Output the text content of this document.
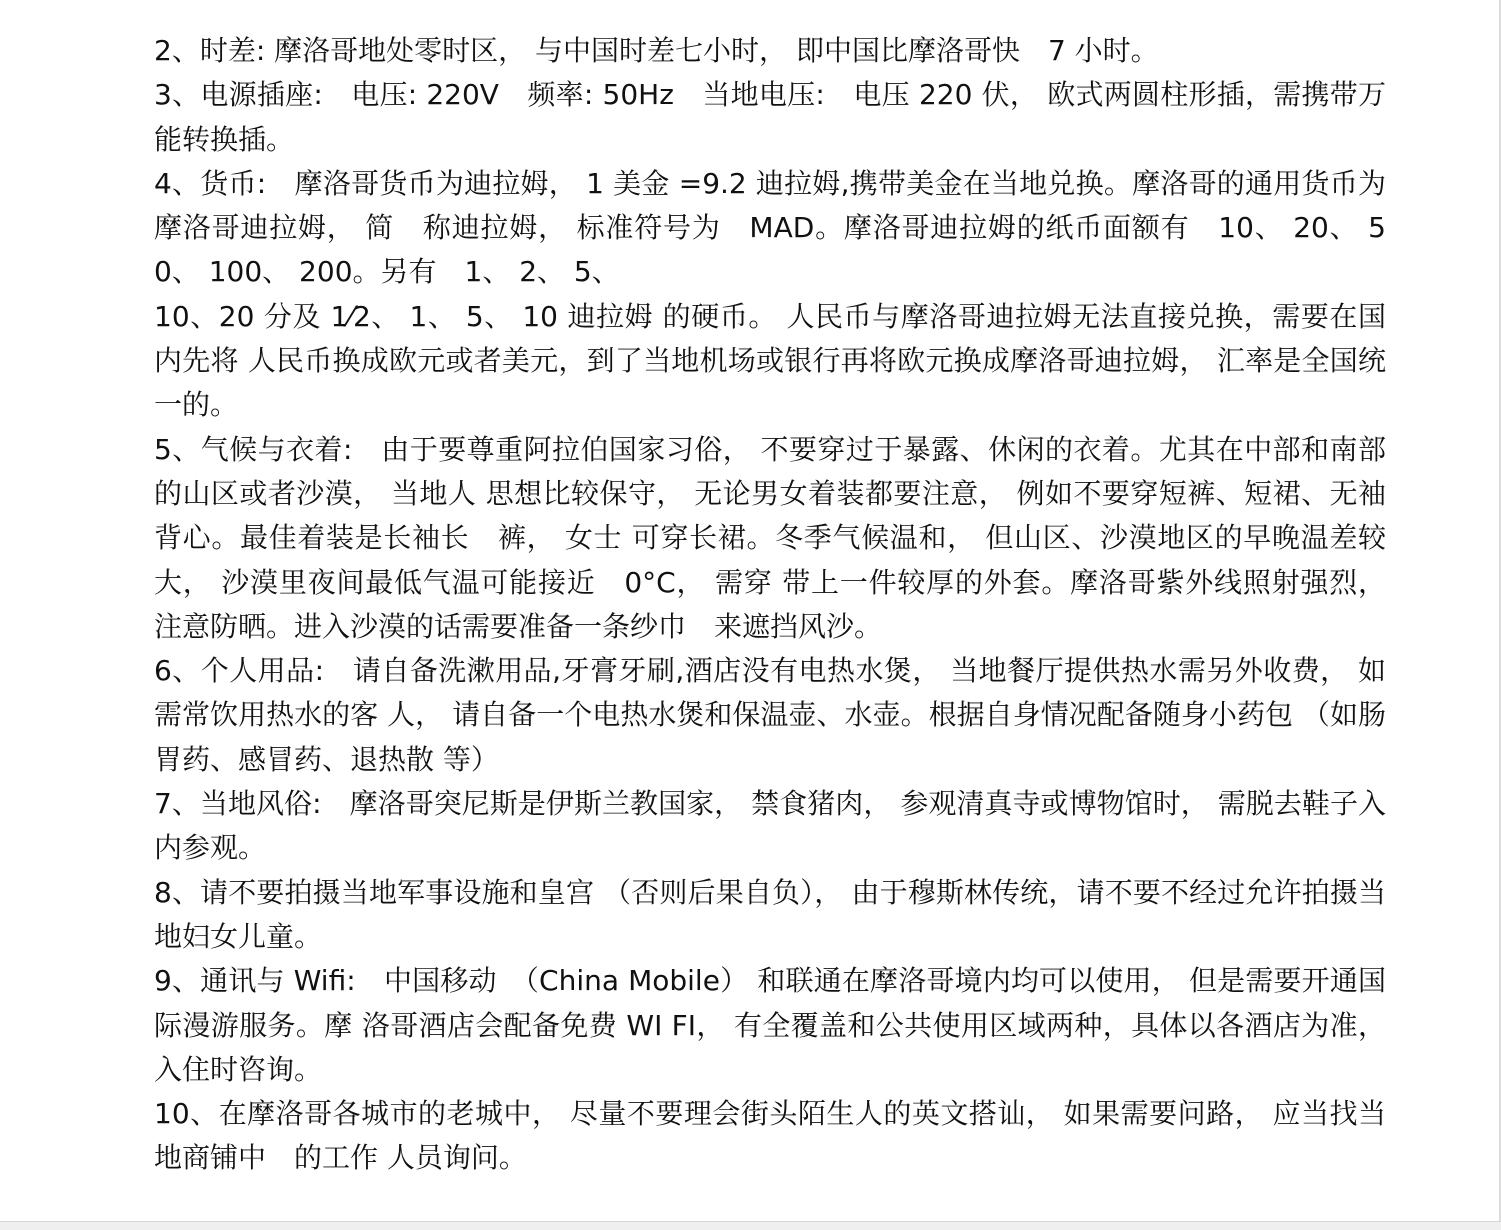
2、时差: 摩洛哥地处零时区， 与中国时差七小时， 即中国比摩洛哥快　7 小时。

3、电源插座:　电压: 220V　频率: 50Hz　当地电压:　电压 220 伏， 欧式两圆柱形插，需携带万能转换插。

4、货币:　摩洛哥货币为迪拉姆， 1 美金 =9.2 迪拉姆,携带美金在当地兑换。摩洛哥的通用货币为摩洛哥迪拉姆， 简　称迪拉姆， 标准符号为　MAD。摩洛哥迪拉姆的纸币面额有　10、 20、 50、 100、 200。另有　1、 2、 5、

10、20 分及 1⁄2、 1、 5、 10 迪拉姆 的硬币。 人民币与摩洛哥迪拉姆无法直接兑换，需要在国内先将 人民币换成欧元或者美元，到了当地机场或银行再将欧元换成摩洛哥迪拉姆， 汇率是全国统一的。

5、气候与衣着:　由于要尊重阿拉伯国家习俗， 不要穿过于暴露、休闲的衣着。尤其在中部和南部的山区或者沙漠， 当地人 思想比较保守， 无论男女着装都要注意， 例如不要穿短裤、短裙、无袖背心。最佳着装是长袖长　裤， 女士 可穿长裙。冬季气候温和， 但山区、沙漠地区的早晚温差较大， 沙漠里夜间最低气温可能接近　0°C， 需穿 带上一件较厚的外套。摩洛哥紫外线照射强烈， 注意防晒。进入沙漠的话需要准备一条纱巾　来遮挡风沙。

6、个人用品:　请自备洗漱用品,牙膏牙刷,酒店没有电热水煲， 当地餐厅提供热水需另外收费， 如需常饮用热水的客 人， 请自备一个电热水煲和保温壶、水壶。根据自身情况配备随身小药包 （如肠胃药、感冒药、退热散 等）

7、当地风俗:　摩洛哥突尼斯是伊斯兰教国家， 禁食猪肉， 参观清真寺或博物馆时， 需脱去鞋子入内参观。

8、请不要拍摄当地军事设施和皇宫 （否则后果自负）， 由于穆斯林传统，请不要不经过允许拍摄当地妇女儿童。

9、通讯与 Wifi:　中国移动　（China Mobile） 和联通在摩洛哥境内均可以使用， 但是需要开通国际漫游服务。摩 洛哥酒店会配备免费 WI FI， 有全覆盖和公共使用区域两种，具体以各酒店为准， 入住时咨询。

10、在摩洛哥各城市的老城中， 尽量不要理会街头陌生人的英文搭讪， 如果需要问路， 应当找当地商铺中　的工作 人员询问。
